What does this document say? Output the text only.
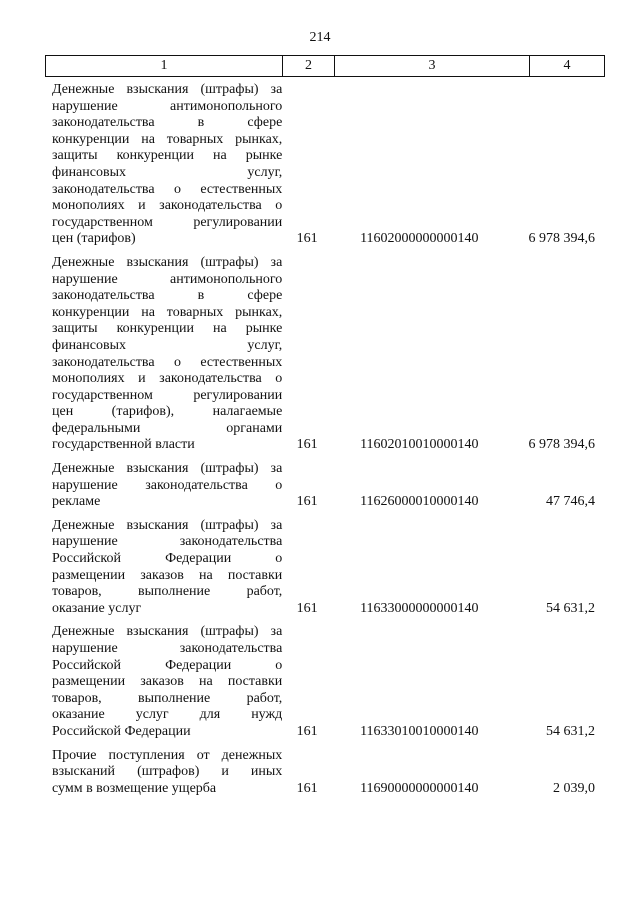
214
1	2	3	4
Денежные взыскания (штрафы) за
нарушение антимонопольного
законодательства в сфере
конкуренции на товарных рынках,
защиты конкуренции на рынке
финансовых услуг,
законодательства о естественных
монополиях и законодательства о
государственном регулировании
цен (тарифов)	161	11602000000000140	6 978 394,6
Денежные взыскания (штрафы) за
нарушение антимонопольного
законодательства в сфере
конкуренции на товарных рынках,
защиты конкуренции на рынке
финансовых услуг,
законодательства о естественных
монополиях и законодательства о
государственном регулировании
цен (тарифов), налагаемые
федеральными органами
государственной власти	161	11602010010000140	6 978 394,6
Денежные взыскания (штрафы) за
нарушение законодательства о
рекламе	161	11626000010000140	47 746,4
Денежные взыскания (штрафы) за
нарушение законодательства
Российской Федерации о
размещении заказов на поставки
товаров, выполнение работ,
оказание услуг	161	11633000000000140	54 631,2
Денежные взыскания (штрафы) за
нарушение законодательства
Российской Федерации о
размещении заказов на поставки
товаров, выполнение работ,
оказание услуг для нужд
Российской Федерации	161	11633010010000140	54 631,2
Прочие поступления от денежных
взысканий (штрафов) и иных
сумм в возмещение ущерба	161	11690000000000140	2 039,0
